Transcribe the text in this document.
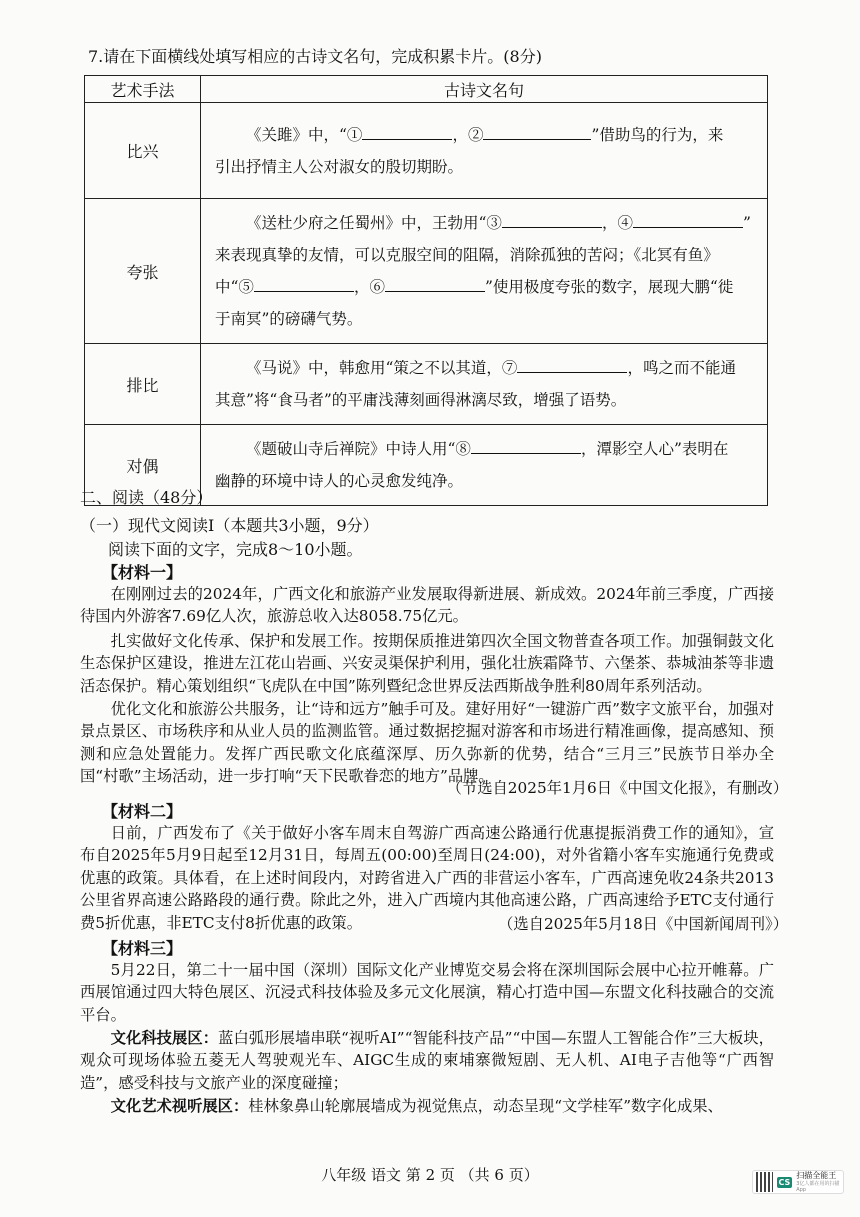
7.请在下面横线处填写相应的古诗文名句，完成积累卡片。(8分)
艺术手法	古诗文名句
比兴	《关雎》中，“① ，② ”借助鸟的行为，来

引出抒情主人公对淑女的殷切期盼。

夸张	《送杜少府之任蜀州》中，王勃用“③ ，④ ”

来表现真挚的友情，可以克服空间的阻隔，消除孤独的苦闷；《北冥有鱼》
中“⑤ ，⑥ ”使用极度夸张的数字，展现大鹏“徙
于南冥”的磅礴气势。

排比	《马说》中，韩愈用“策之不以其道，⑦ ，鸣之而不能通

其意”将“食马者”的平庸浅薄刻画得淋漓尽致，增强了语势。

对偶	《题破山寺后禅院》中诗人用“⑧ ，潭影空人心”表明在

幽静的环境中诗人的心灵愈发纯净。
二、阅读（48分）
（一）现代文阅读Ⅰ（本题共3小题，9分）
阅读下面的文字，完成8～10小题。
【材料一】

在刚刚过去的2024年，广西文化和旅游产业发展取得新进展、新成效。2024年前三季度，广西接待国内外游客7.69亿人次，旅游总收入达8058.75亿元。

扎实做好文化传承、保护和发展工作。按期保质推进第四次全国文物普查各项工作。加强铜鼓文化生态保护区建设，推进左江花山岩画、兴安灵渠保护利用，强化壮族霜降节、六堡茶、恭城油茶等非遗活态保护。精心策划组织“飞虎队在中国”陈列暨纪念世界反法西斯战争胜利80周年系列活动。

优化文化和旅游公共服务，让“诗和远方”触手可及。建好用好“一键游广西”数字文旅平台，加强对景点景区、市场秩序和从业人员的监测监管。通过数据挖掘对游客和市场进行精准画像，提高感知、预测和应急处置能力。发挥广西民歌文化底蕴深厚、历久弥新的优势，结合“三月三”民族节日举办全国“村歌”主场活动，进一步打响“天下民歌眷恋的地方”品牌。

（节选自2025年1月6日《中国文化报》，有删改）
【材料二】

日前，广西发布了《关于做好小客车周末自驾游广西高速公路通行优惠提振消费工作的通知》，宣布自2025年5月9日起至12月31日，每周五(00:00)至周日(24:00)，对外省籍小客车实施通行免费或优惠的政策。具体看，在上述时间段内，对跨省进入广西的非营运小客车，广西高速免收24条共2013公里省界高速公路路段的通行费。除此之外，进入广西境内其他高速公路，广西高速给予ETC支付通行费5折优惠，非ETC支付8折优惠的政策。	（选自2025年5月18日《中国新闻周刊》）
【材料三】

5月22日，第二十一届中国（深圳）国际文化产业博览交易会将在深圳国际会展中心拉开帷幕。广西展馆通过四大特色展区、沉浸式科技体验及多元文化展演，精心打造中国—东盟文化科技融合的交流平台。

文化科技展区：蓝白弧形展墙串联“视听AI”“智能科技产品”“中国—东盟人工智能合作”三大板块，观众可现场体验五菱无人驾驶观光车、AIGC生成的柬埔寨微短剧、无人机、AI电子吉他等“广西智造”，感受科技与文旅产业的深度碰撞；

文化艺术视听展区：桂林象鼻山轮廓展墙成为视觉焦点，动态呈现“文学桂军”数字化成果、

八年级 语文 第 2 页 （共 6 页）	CS
扫描全能王
3亿人都在用的扫描App
